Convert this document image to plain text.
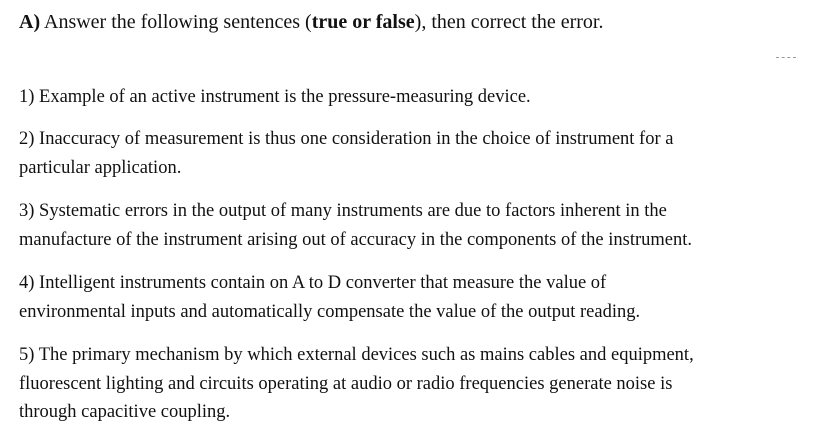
A) Answer the following sentences (true or false), then correct the error.
1) Example of an active instrument is the pressure-measuring device.
2) Inaccuracy of measurement is thus one consideration in the choice of instrument for a
particular application.
3) Systematic errors in the output of many instruments are due to factors inherent in the
manufacture of the instrument arising out of accuracy in the components of the instrument.
4) Intelligent instruments contain on A to D converter that measure the value of
environmental inputs and automatically compensate the value of the output reading.
5) The primary mechanism by which external devices such as mains cables and equipment,
fluorescent lighting and circuits operating at audio or radio frequencies generate noise is
through capacitive coupling.
